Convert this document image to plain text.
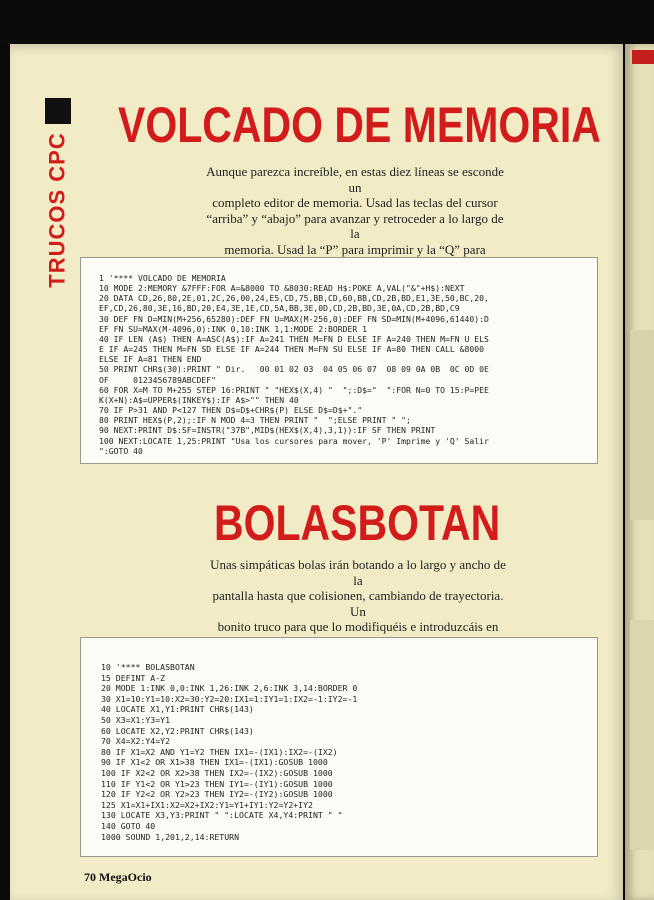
TRUCOS CPC
VOLCADO DE MEMORIA
Aunque parezca increíble, en estas diez líneas se esconde un
completo editor de memoria. Usad las teclas del cursor
“arriba” y “abajo” para avanzar y retroceder a lo largo de la
memoria. Usad la “P” para imprimir y la “Q” para
1 '**** VOLCADO DE MEMORIA
10 MODE 2:MEMORY &7FFF:FOR A=&8000 TO &8030:READ H$:POKE A,VAL("&"+H$):NEXT
20 DATA CD,26,80,2E,01,2C,26,00,24,E5,CD,75,BB,CD,60,BB,CD,2B,BD,E1,3E,50,BC,20,
EF,CD,26,80,3E,16,BD,20,E4,3E,1E,CD,5A,BB,3E,0D,CD,2B,BD,3E,0A,CD,2B,BD,C9
30 DEF FN D=MIN(M+256,65280):DEF FN U=MAX(M-256,0):DEF FN SD=MIN(M+4096,61440):D
EF FN SU=MAX(M-4096,0):INK 0,10:INK 1,1:MODE 2:BORDER 1
40 IF LEN (A$) THEN A=ASC(A$):IF A=241 THEN M=FN D ELSE IF A=240 THEN M=FN U ELS
E IF A=245 THEN M=FN SD ELSE IF A=244 THEN M=FN SU ELSE IF A=80 THEN CALL &8000
ELSE IF A=81 THEN END
50 PRINT CHR$(30):PRINT " Dir.   00 01 02 03  04 05 06 07  08 09 0A 0B  0C 0D 0E
OF     0123456789ABCDEF"
60 FOR X=M TO M+255 STEP 16:PRINT " "HEX$(X,4) "  ";:D$="  ":FOR N=0 TO 15:P=PEE
K(X+N):A$=UPPER$(INKEY$):IF A$>"" THEN 40
70 IF P>31 AND P<127 THEN D$=D$+CHR$(P) ELSE D$=D$+"."
80 PRINT HEX$(P,2);:IF N MOD 4=3 THEN PRINT "  ";ELSE PRINT " ";
90 NEXT:PRINT D$:SF=INSTR("37B",MID$(HEX$(X,4),3,1)):IF SF THEN PRINT
100 NEXT:LOCATE 1,25:PRINT "Usa los cursores para mover, 'P' Imprime y 'Q' Salir
":GOTO 40
BOLASBOTAN
Unas simpáticas bolas irán botando a lo largo y ancho de la
pantalla hasta que colisionen, cambiando de trayectoria. Un
bonito truco para que lo modifiquéis e introduzcáis en
10 '**** BOLASBOTAN
15 DEFINT A-Z
20 MODE 1:INK 0,0:INK 1,26:INK 2,6:INK 3,14:BORDER 0
30 X1=10:Y1=10:X2=30:Y2=20:IX1=1:IY1=1:IX2=-1:IY2=-1
40 LOCATE X1,Y1:PRINT CHR$(143)
50 X3=X1:Y3=Y1
60 LOCATE X2,Y2:PRINT CHR$(143)
70 X4=X2:Y4=Y2
80 IF X1=X2 AND Y1=Y2 THEN IX1=-(IX1):IX2=-(IX2)
90 IF X1<2 OR X1>38 THEN IX1=-(IX1):GOSUB 1000
100 IF X2<2 OR X2>38 THEN IX2=-(IX2):GOSUB 1000
110 IF Y1<2 OR Y1>23 THEN IY1=-(IY1):GOSUB 1000
120 IF Y2<2 OR Y2>23 THEN IY2=-(IY2):GOSUB 1000
125 X1=X1+IX1:X2=X2+IX2:Y1=Y1+IY1:Y2=Y2+IY2
130 LOCATE X3,Y3:PRINT " ":LOCATE X4,Y4:PRINT " "
140 GOTO 40
1000 SOUND 1,201,2,14:RETURN
70 MegaOcio
